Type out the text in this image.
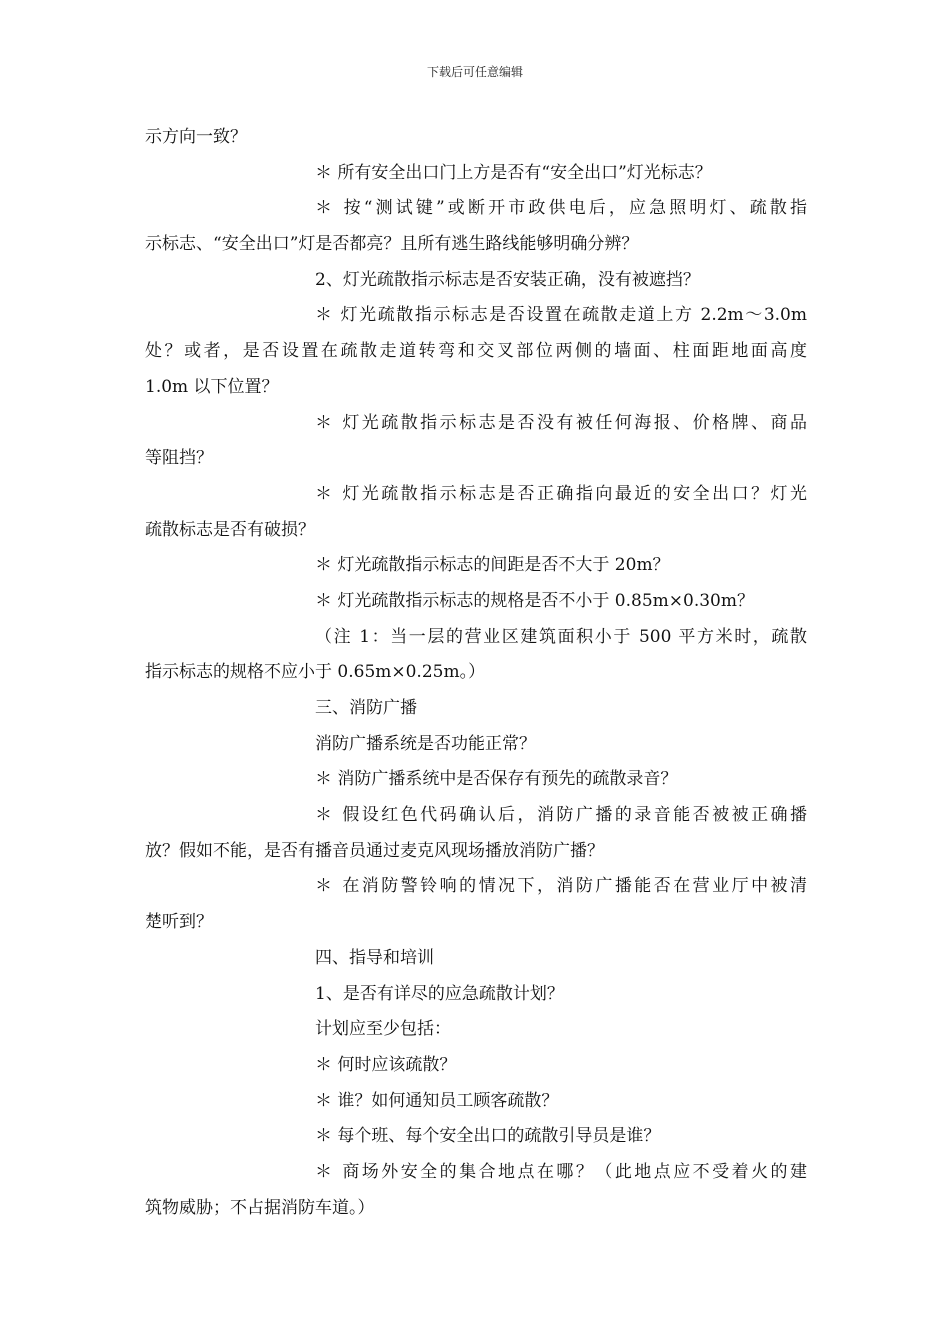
下载后可任意编辑
示方向一致？
＊ 所有安全出口门上方是否有“安全出口”灯光标志？
＊ 按“测试键”或断开市政供电后，应急照明灯、疏散指
示标志、“安全出口”灯是否都亮？且所有逃生路线能够明确分辨？
2、灯光疏散指示标志是否安装正确，没有被遮挡？
＊ 灯光疏散指示标志是否设置在疏散走道上方 2.2m～3.0m
处？或者，是否设置在疏散走道转弯和交叉部位两侧的墙面、柱面距地面高度
1.0m 以下位置？
＊ 灯光疏散指示标志是否没有被任何海报、价格牌、商品
等阻挡？
＊ 灯光疏散指示标志是否正确指向最近的安全出口？灯光
疏散标志是否有破损？
＊ 灯光疏散指示标志的间距是否不大于 20m？
＊ 灯光疏散指示标志的规格是否不小于 0.85m×0.30m？
（注 1：当一层的营业区建筑面积小于 500 平方米时，疏散
指示标志的规格不应小于 0.65m×0.25m。）
三、消防广播
消防广播系统是否功能正常？
＊ 消防广播系统中是否保存有预先的疏散录音？
＊ 假设红色代码确认后，消防广播的录音能否被被正确播
放？假如不能，是否有播音员通过麦克风现场播放消防广播？
＊ 在消防警铃响的情况下，消防广播能否在营业厅中被清
楚听到？
四、指导和培训
1、是否有详尽的应急疏散计划？
计划应至少包括：
＊ 何时应该疏散？
＊ 谁？如何通知员工顾客疏散？
＊ 每个班、每个安全出口的疏散引导员是谁？
＊ 商场外安全的集合地点在哪？（此地点应不受着火的建
筑物威胁；不占据消防车道。）
